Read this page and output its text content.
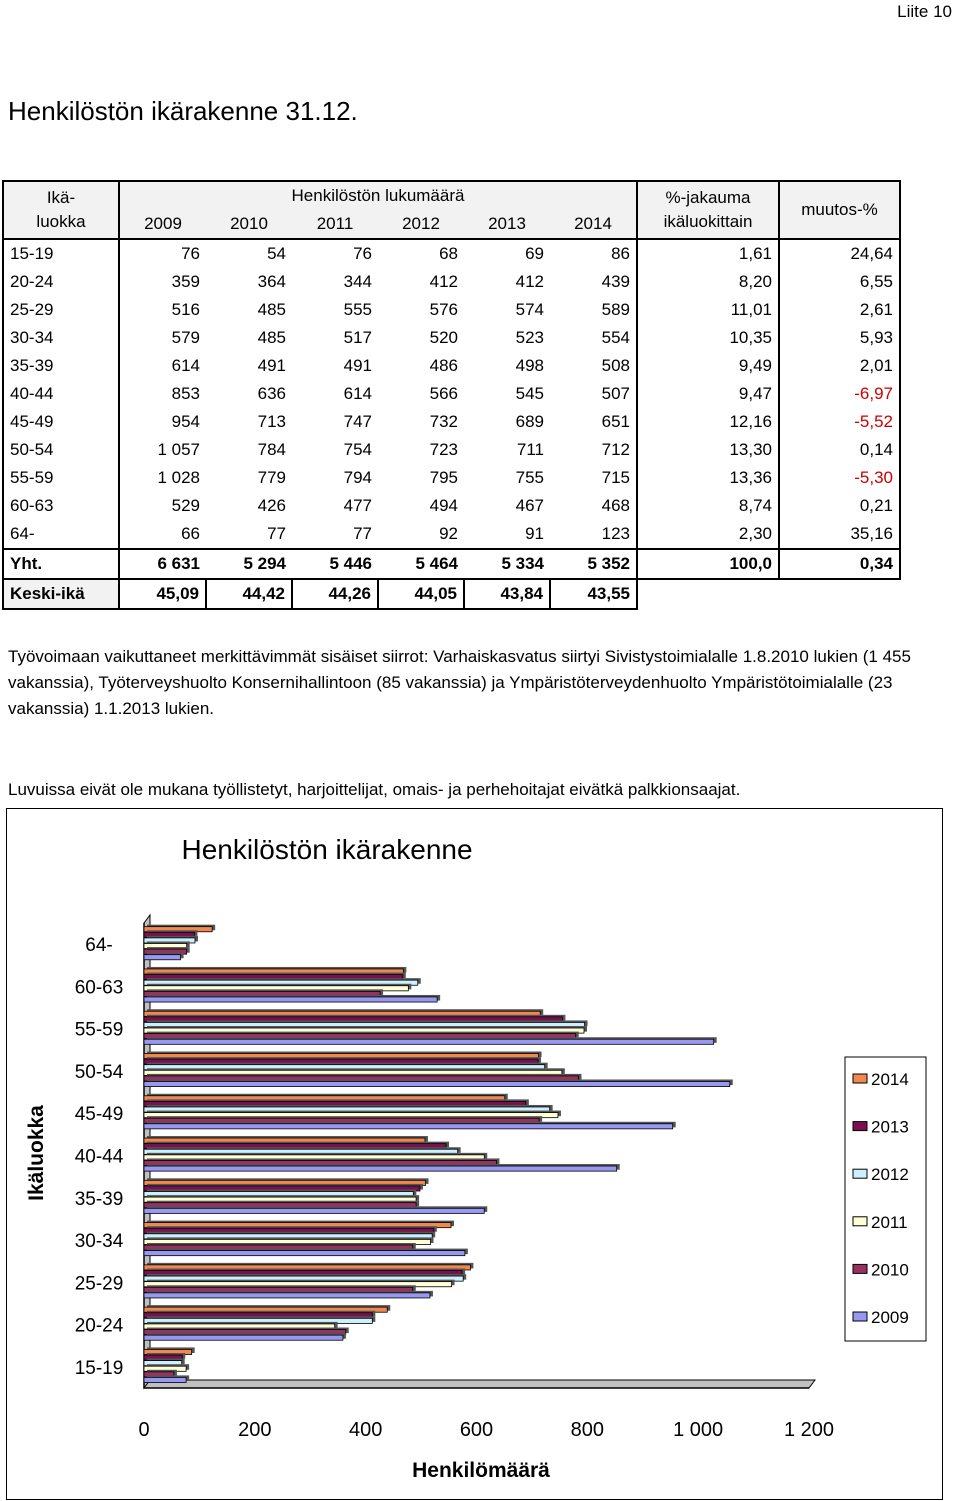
Liite 10
Henkilöstön ikärakenne 31.12.
Ikä-
luokka	Henkilöstön lukumäärä						%-jakauma
ikäluokittain	muutos-%
	2009	2010	2011	2012	2013	2014		
15-19	76	54	76	68	69	86	1,61	24,64
20-24	359	364	344	412	412	439	8,20	6,55
25-29	516	485	555	576	574	589	11,01	2,61
30-34	579	485	517	520	523	554	10,35	5,93
35-39	614	491	491	486	498	508	9,49	2,01
40-44	853	636	614	566	545	507	9,47	-6,97
45-49	954	713	747	732	689	651	12,16	-5,52
50-54	1 057	784	754	723	711	712	13,30	0,14
55-59	1 028	779	794	795	755	715	13,36	-5,30
60-63	529	426	477	494	467	468	8,74	0,21
64-	66	77	77	92	91	123	2,30	35,16
Yht.	6 631	5 294	5 446	5 464	5 334	5 352	100,0	0,34
Keski-ikä	45,09	44,42	44,26	44,05	43,84	43,55		
Työvoimaan vaikuttaneet merkittävimmät sisäiset siirrot: Varhaiskasvatus siirtyi Sivistystoimialalle 1.8.2010 lukien (1 455 vakanssia), Työterveyshuolto Konsernihallintoon (85 vakanssia) ja Ympäristöterveydenhuolto Ympäristötoimialalle (23 vakanssia) 1.1.2013 lukien.
Luvuissa eivät ole mukana työllistetyt, harjoittelijat, omais- ja perhehoitajat eivätkä palkkionsaajat.
Henkilöstön ikärakenne
15-19
20-24
25-29
30-34
35-39
40-44
45-49
50-54
55-59
60-63
64-
0	200	400	600	800	1 000	1 200
Henkilömäärä
Ikäluokka
2014
2013
2012
2011
2010
2009
